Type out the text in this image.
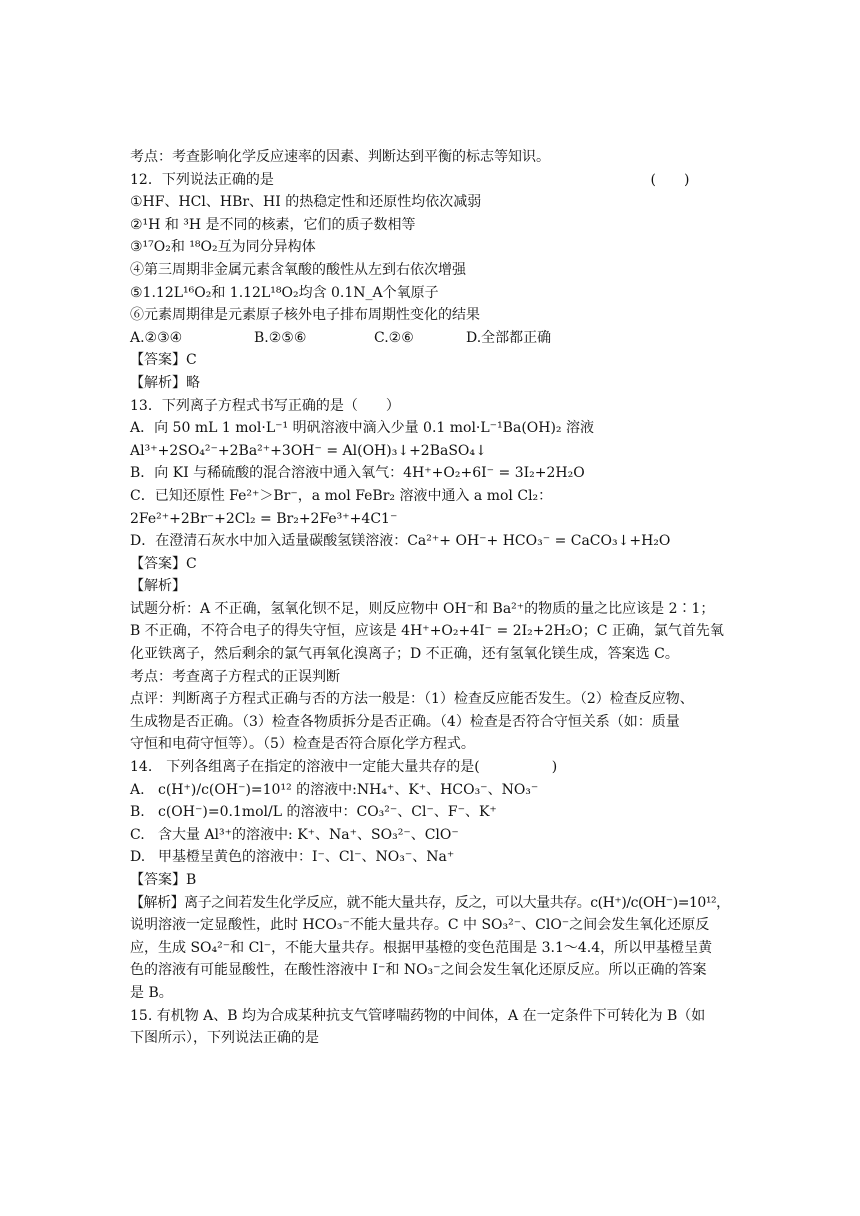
考点：考查影响化学反应速率的因素、判断达到平衡的标志等知识。
12．下列说法正确的是	(　　)
①HF、HCl、HBr、HI 的热稳定性和还原性均依次减弱
②¹H 和 ³H 是不同的核素，它们的质子数相等
③¹⁷O₂和 ¹⁸O₂互为同分异构体
④第三周期非金属元素含氧酸的酸性从左到右依次增强
⑤1.12L¹⁶O₂和 1.12L¹⁸O₂均含 0.1N_A个氧原子
⑥元素周期律是元素原子核外电子排布周期性变化的结果
A.②③④	B.②⑤⑥	C.②⑥	D.全部都正确
【答案】C
【解析】略
13．下列离子方程式书写正确的是（　　）
A．向 50 mL 1 mol·L⁻¹ 明矾溶液中滴入少量 0.1 mol·L⁻¹Ba(OH)₂ 溶液
Al³⁺+2SO₄²⁻+2Ba²⁺+3OH⁻ = Al(OH)₃↓+2BaSO₄↓
B．向 KI 与稀硫酸的混合溶液中通入氧气：4H⁺+O₂+6I⁻ = 3I₂+2H₂O
C．已知还原性 Fe²⁺＞Br⁻，a mol FeBr₂ 溶液中通入 a mol Cl₂：
2Fe²⁺+2Br⁻+2Cl₂ = Br₂+2Fe³⁺+4C1⁻
D．在澄清石灰水中加入适量碳酸氢镁溶液：Ca²⁺+ OH⁻+ HCO₃⁻ = CaCO₃↓+H₂O
【答案】C
【解析】
试题分析：A 不正确，氢氧化钡不足，则反应物中 OH⁻和 Ba²⁺的物质的量之比应该是 2∶1；
B 不正确，不符合电子的得失守恒，应该是 4H⁺+O₂+4I⁻ = 2I₂+2H₂O；C 正确，氯气首先氧
化亚铁离子，然后剩余的氯气再氧化溴离子；D 不正确，还有氢氧化镁生成，答案选 C。
考点：考查离子方程式的正误判断
点评：判断离子方程式正确与否的方法一般是：（1）检查反应能否发生。（2）检查反应物、
生成物是否正确。（3）检查各物质拆分是否正确。（4）检查是否符合守恒关系（如：质量
守恒和电荷守恒等）。（5）检查是否符合原化学方程式。
14.　下列各组离子在指定的溶液中一定能大量共存的是(	)
A. c(H⁺)/c(OH⁻)=10¹² 的溶液中:NH₄⁺、K⁺、HCO₃⁻、NO₃⁻
B. c(OH⁻)=0.1mol/L 的溶液中：CO₃²⁻、Cl⁻、F⁻、K⁺
C. 含大量 Al³⁺的溶液中: K⁺、Na⁺、SO₃²⁻、ClO⁻
D. 甲基橙呈黄色的溶液中：I⁻、Cl⁻、NO₃⁻、Na⁺
【答案】B
【解析】离子之间若发生化学反应，就不能大量共存，反之，可以大量共存。c(H⁺)/c(OH⁻)=10¹²，
说明溶液一定显酸性，此时 HCO₃⁻不能大量共存。C 中 SO₃²⁻、ClO⁻之间会发生氧化还原反
应，生成 SO₄²⁻和 Cl⁻，不能大量共存。根据甲基橙的变色范围是 3.1～4.4，所以甲基橙呈黄
色的溶液有可能显酸性，在酸性溶液中 I⁻和 NO₃⁻之间会发生氧化还原反应。所以正确的答案
是 B。
15. 有机物 A、B 均为合成某种抗支气管哮喘药物的中间体，A 在一定条件下可转化为 B（如
下图所示），下列说法正确的是
